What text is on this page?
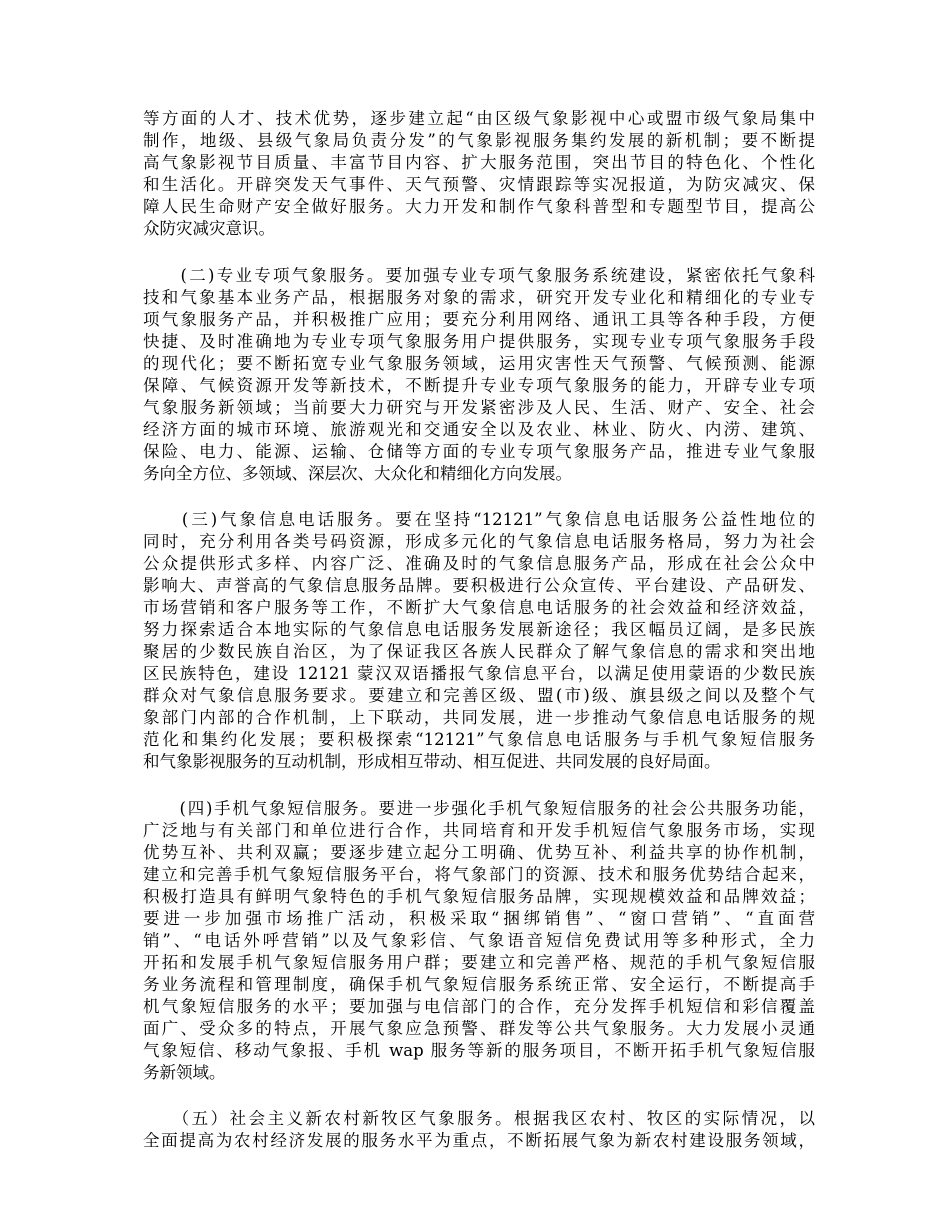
等方面的人才、技术优势，逐步建立起“由区级气象影视中心或盟市级气象局集中
制作，地级、县级气象局负责分发”的气象影视服务集约发展的新机制；要不断提
高气象影视节目质量、丰富节目内容、扩大服务范围，突出节目的特色化、个性化
和生活化。开辟突发天气事件、天气预警、灾情跟踪等实况报道，为防灾减灾、保
障人民生命财产安全做好服务。大力开发和制作气象科普型和专题型节目，提高公
众防灾减灾意识。
　　(二)专业专项气象服务。要加强专业专项气象服务系统建设，紧密依托气象科
技和气象基本业务产品，根据服务对象的需求，研究开发专业化和精细化的专业专
项气象服务产品，并积极推广应用；要充分利用网络、通讯工具等各种手段，方便
快捷、及时准确地为专业专项气象服务用户提供服务，实现专业专项气象服务手段
的现代化；要不断拓宽专业气象服务领域，运用灾害性天气预警、气候预测、能源
保障、气候资源开发等新技术，不断提升专业专项气象服务的能力，开辟专业专项
气象服务新领域；当前要大力研究与开发紧密涉及人民、生活、财产、安全、社会
经济方面的城市环境、旅游观光和交通安全以及农业、林业、防火、内涝、建筑、
保险、电力、能源、运输、仓储等方面的专业专项气象服务产品，推进专业气象服
务向全方位、多领域、深层次、大众化和精细化方向发展。
　　(三)气象信息电话服务。要在坚持“12121”气象信息电话服务公益性地位的
同时，充分利用各类号码资源，形成多元化的气象信息电话服务格局，努力为社会
公众提供形式多样、内容广泛、准确及时的气象信息服务产品，形成在社会公众中
影响大、声誉高的气象信息服务品牌。要积极进行公众宣传、平台建设、产品研发、
市场营销和客户服务等工作，不断扩大气象信息电话服务的社会效益和经济效益，
努力探索适合本地实际的气象信息电话服务发展新途径；我区幅员辽阔，是多民族
聚居的少数民族自治区，为了保证我区各族人民群众了解气象信息的需求和突出地
区民族特色，建设 12121 蒙汉双语播报气象信息平台，以满足使用蒙语的少数民族
群众对气象信息服务要求。要建立和完善区级、盟(市)级、旗县级之间以及整个气
象部门内部的合作机制，上下联动，共同发展，进一步推动气象信息电话服务的规
范化和集约化发展；要积极探索“12121”气象信息电话服务与手机气象短信服务
和气象影视服务的互动机制，形成相互带动、相互促进、共同发展的良好局面。
　　(四)手机气象短信服务。要进一步强化手机气象短信服务的社会公共服务功能，
广泛地与有关部门和单位进行合作，共同培育和开发手机短信气象服务市场，实现
优势互补、共利双赢；要逐步建立起分工明确、优势互补、利益共享的协作机制，
建立和完善手机气象短信服务平台，将气象部门的资源、技术和服务优势结合起来，
积极打造具有鲜明气象特色的手机气象短信服务品牌，实现规模效益和品牌效益；
要进一步加强市场推广活动，积极采取“捆绑销售”、“窗口营销”、“直面营
销”、“电话外呼营销”以及气象彩信、气象语音短信免费试用等多种形式，全力
开拓和发展手机气象短信服务用户群；要建立和完善严格、规范的手机气象短信服
务业务流程和管理制度，确保手机气象短信服务系统正常、安全运行，不断提高手
机气象短信服务的水平；要加强与电信部门的合作，充分发挥手机短信和彩信覆盖
面广、受众多的特点，开展气象应急预警、群发等公共气象服务。大力发展小灵通
气象短信、移动气象报、手机 wap 服务等新的服务项目，不断开拓手机气象短信服
务新领域。
　　（五）社会主义新农村新牧区气象服务。根据我区农村、牧区的实际情况，以
全面提高为农村经济发展的服务水平为重点，不断拓展气象为新农村建设服务领域，
